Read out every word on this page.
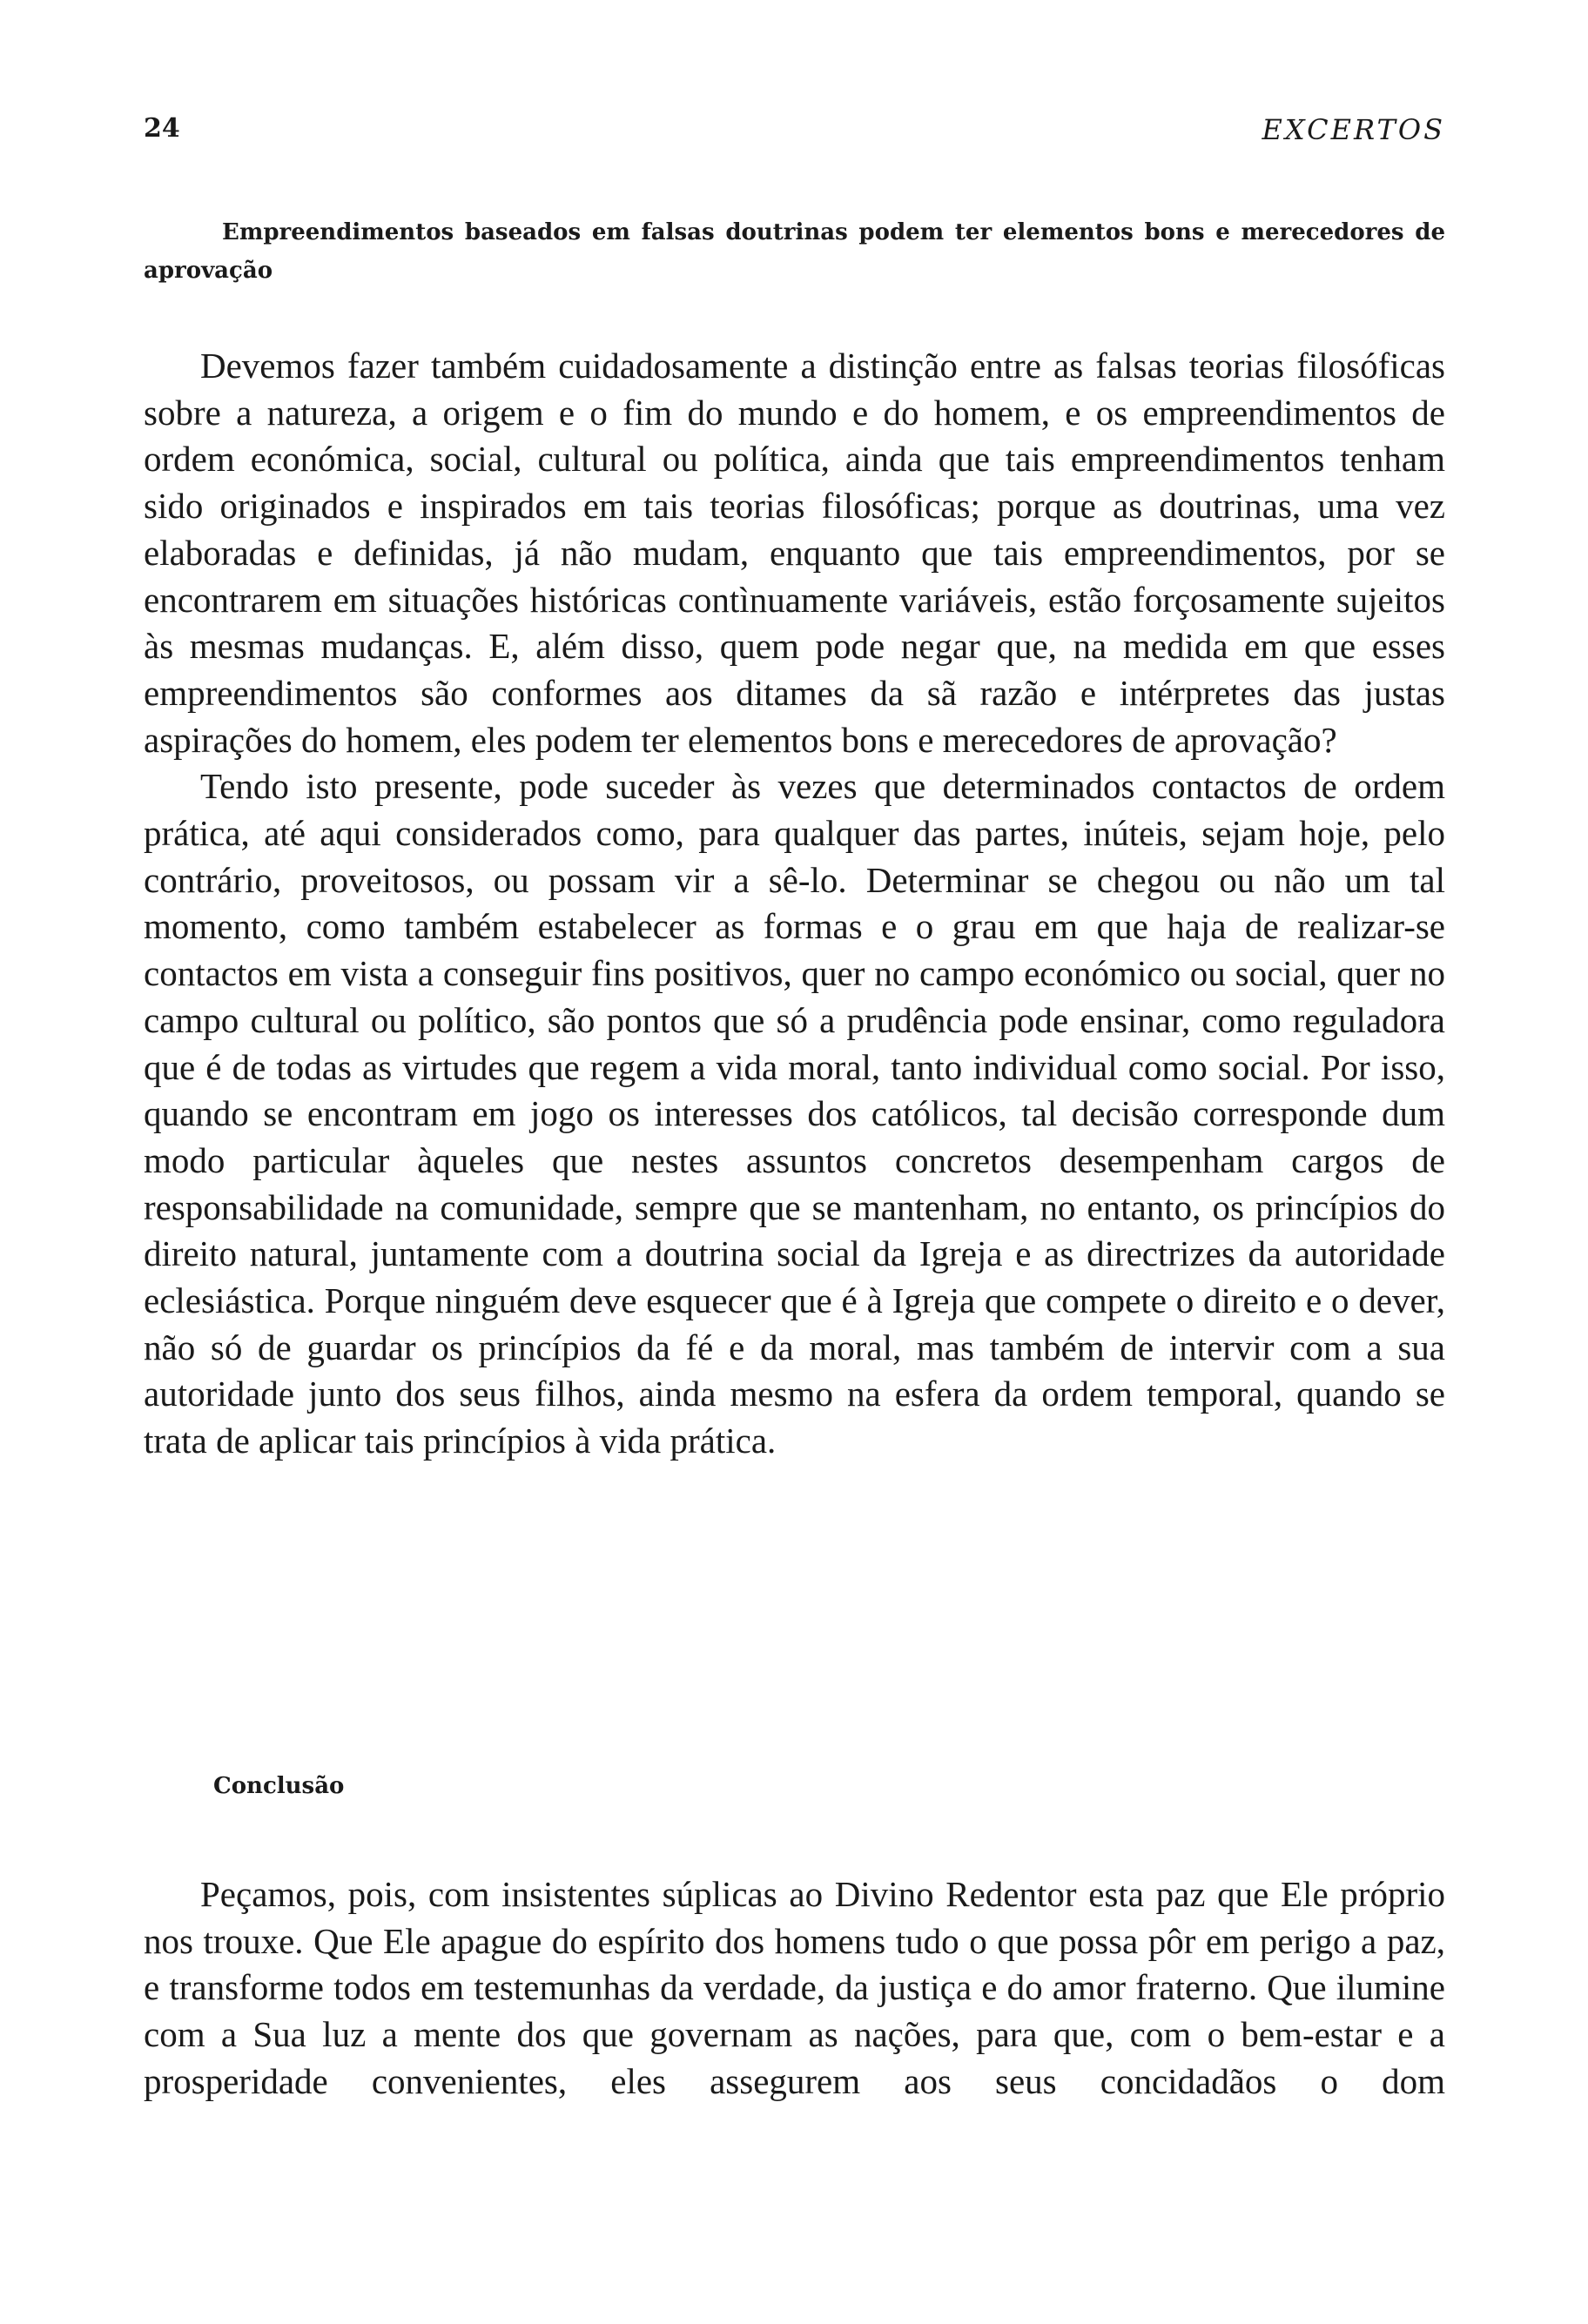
24	EXCERTOS
Empreendimentos baseados em falsas doutrinas podem ter elementos bons e merecedores de aprovação

Devemos fazer também cuidadosamente a distinção entre as falsas teorias filosóficas sobre a natureza, a origem e o fim do mundo e do homem, e os empreendimentos de ordem económica, social, cultural ou política, ainda que tais empreendimentos tenham sido originados e inspirados em tais teorias filosóficas; porque as doutrinas, uma vez elaboradas e definidas, já não mudam, enquanto que tais empreendimentos, por se encontrarem em situações históricas contìnuamente variáveis, estão forçosamente sujeitos às mesmas mudanças. E, além disso, quem pode negar que, na medida em que esses empreendimentos são conformes aos ditames da sã razão e intérpretes das justas aspirações do homem, eles podem ter elementos bons e merecedores de aprovação?

Tendo isto presente, pode suceder às vezes que determinados contactos de ordem prática, até aqui considerados como, para qualquer das partes, inúteis, sejam hoje, pelo contrário, proveitosos, ou possam vir a sê-lo. Determinar se chegou ou não um tal momento, como também estabelecer as formas e o grau em que haja de realizar-se contactos em vista a conseguir fins positivos, quer no campo económico ou social, quer no campo cultural ou político, são pontos que só a prudência pode ensinar, como reguladora que é de todas as virtudes que regem a vida moral, tanto individual como social. Por isso, quando se encontram em jogo os interesses dos católicos, tal decisão corresponde dum modo particular àqueles que nestes assuntos concretos desempenham cargos de responsabilidade na comunidade, sempre que se mantenham, no entanto, os princípios do direito natural, juntamente com a doutrina social da Igreja e as directrizes da autoridade eclesiástica. Porque ninguém deve esquecer que é à Igreja que compete o direito e o dever, não só de guardar os princípios da fé e da moral, mas também de intervir com a sua autoridade junto dos seus filhos, ainda mesmo na esfera da ordem temporal, quando se trata de aplicar tais princípios à vida prática.

Conclusão

Peçamos, pois, com insistentes súplicas ao Divino Redentor esta paz que Ele próprio nos trouxe. Que Ele apague do espírito dos homens tudo o que possa pôr em perigo a paz, e transforme todos em testemunhas da verdade, da justiça e do amor fraterno. Que ilumine com a Sua luz a mente dos que governam as nações, para que, com o bem-estar e a prosperidade convenientes, eles assegurem aos seus concidadãos o dom
